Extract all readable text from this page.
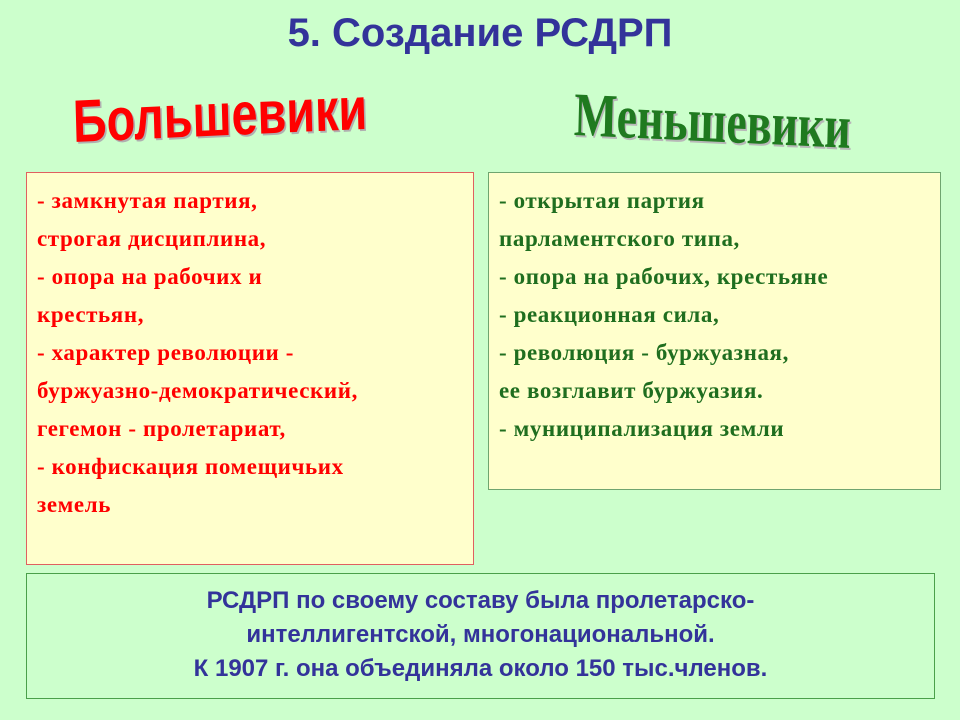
5. Создание РСДРП
Большевики	Меньшевики
- замкнутая партия,
строгая дисциплина,
- опора на рабочих и
крестьян,
- характер революции -
буржуазно-демократический,
гегемон - пролетариат,
- конфискация помещичьих
земель
- открытая партия
парламентского типа,
- опора на рабочих, крестьяне
- реакционная сила,
- революция - буржуазная,
ее возглавит буржуазия.
- муниципализация земли
РСДРП по своему составу была пролетарско-
интеллигентской, многонациональной.
К 1907 г. она объединяла около 150 тыс.членов.
